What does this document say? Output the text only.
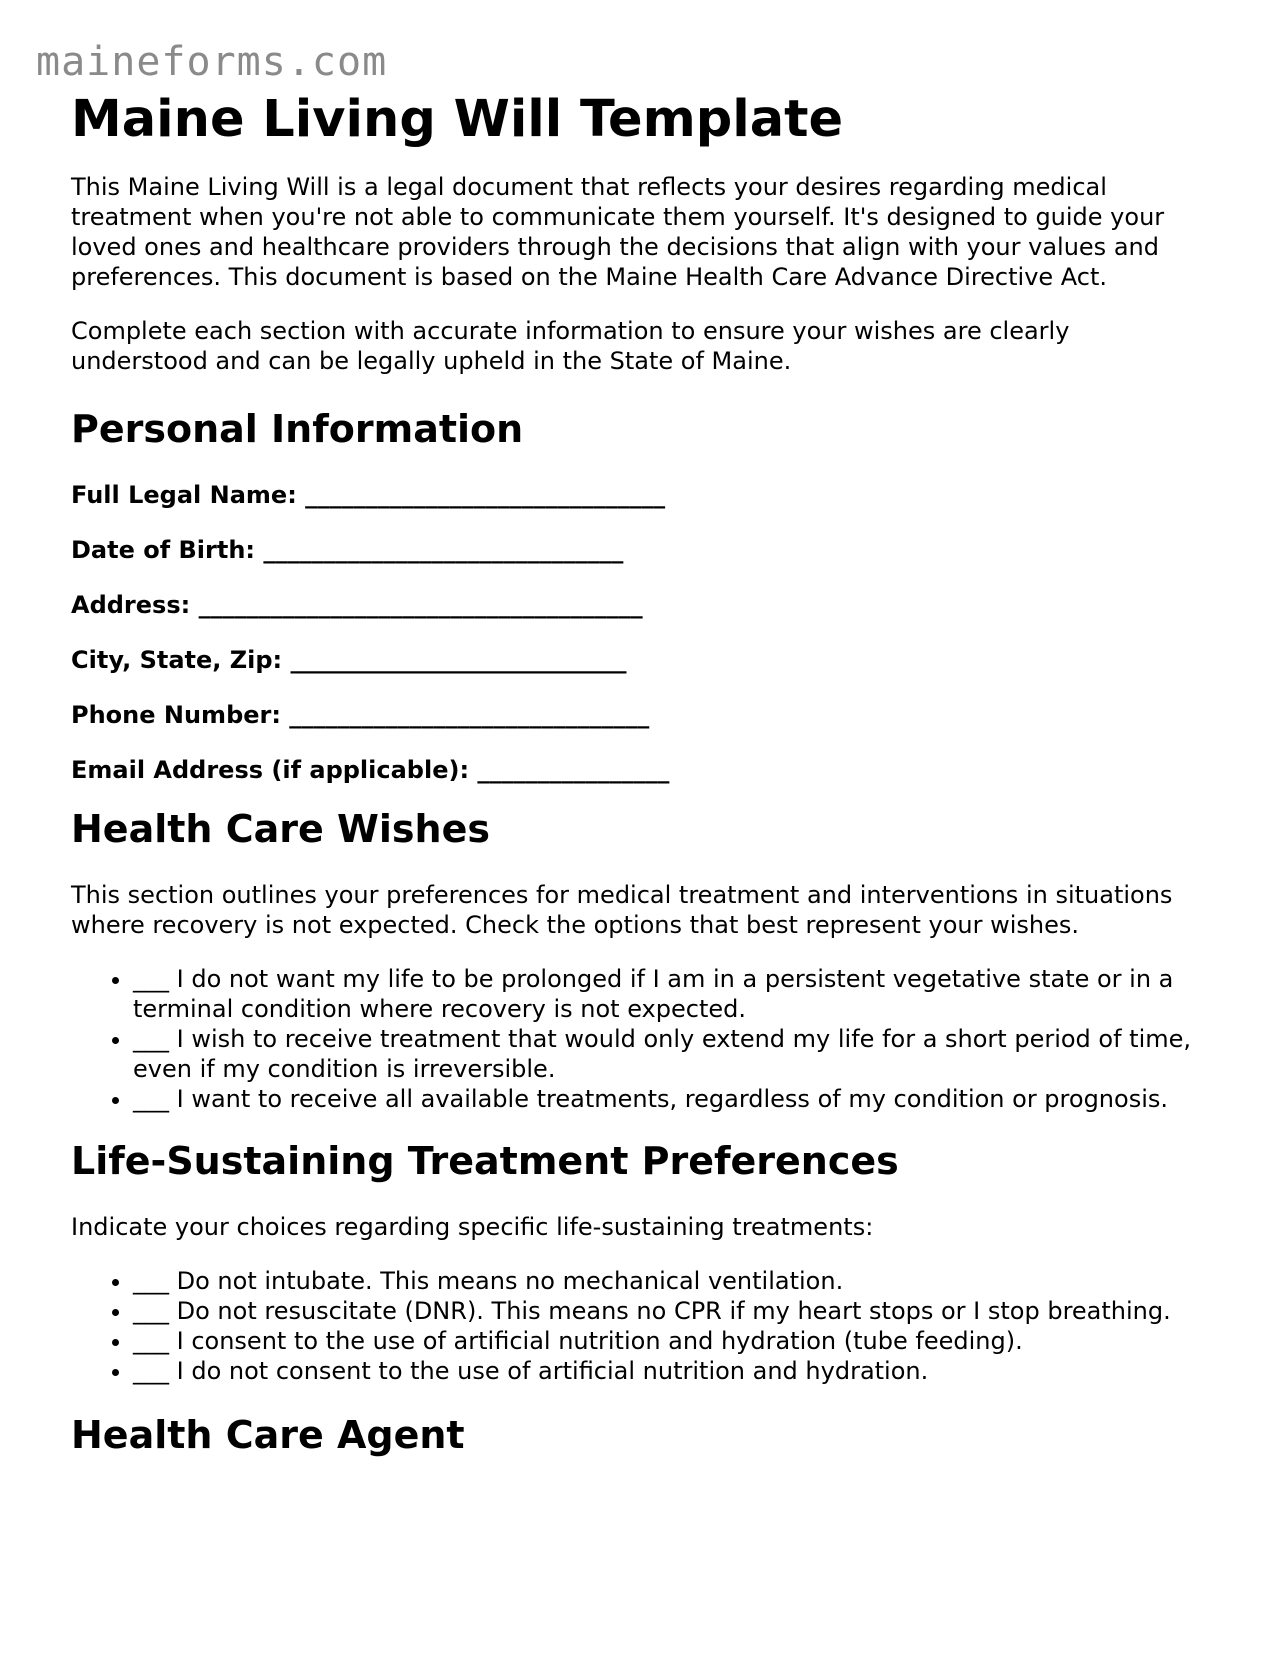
maineforms.com
Maine Living Will Template

This Maine Living Will is a legal document that reflects your desires regarding medical treatment when you're not able to communicate them yourself. It's designed to guide your loved ones and healthcare providers through the decisions that align with your values and preferences. This document is based on the Maine Health Care Advance Directive Act.

Complete each section with accurate information to ensure your wishes are clearly understood and can be legally upheld in the State of Maine.

Personal Information
Full Legal Name: ______________________________
Date of Birth: ______________________________
Address: _____________________________________
City, State, Zip: ____________________________
Phone Number: ______________________________
Email Address (if applicable): ________________
Health Care Wishes

This section outlines your preferences for medical treatment and interventions in situations where recovery is not expected. Check the options that best represent your wishes.

• ___ I do not want my life to be prolonged if I am in a persistent vegetative state or in a terminal condition where recovery is not expected.
• ___ I wish to receive treatment that would only extend my life for a short period of time, even if my condition is irreversible.
• ___ I want to receive all available treatments, regardless of my condition or prognosis.
Life-Sustaining Treatment Preferences

Indicate your choices regarding specific life-sustaining treatments:

• ___ Do not intubate. This means no mechanical ventilation.
• ___ Do not resuscitate (DNR). This means no CPR if my heart stops or I stop breathing.
• ___ I consent to the use of artificial nutrition and hydration (tube feeding).
• ___ I do not consent to the use of artificial nutrition and hydration.
Health Care Agent
